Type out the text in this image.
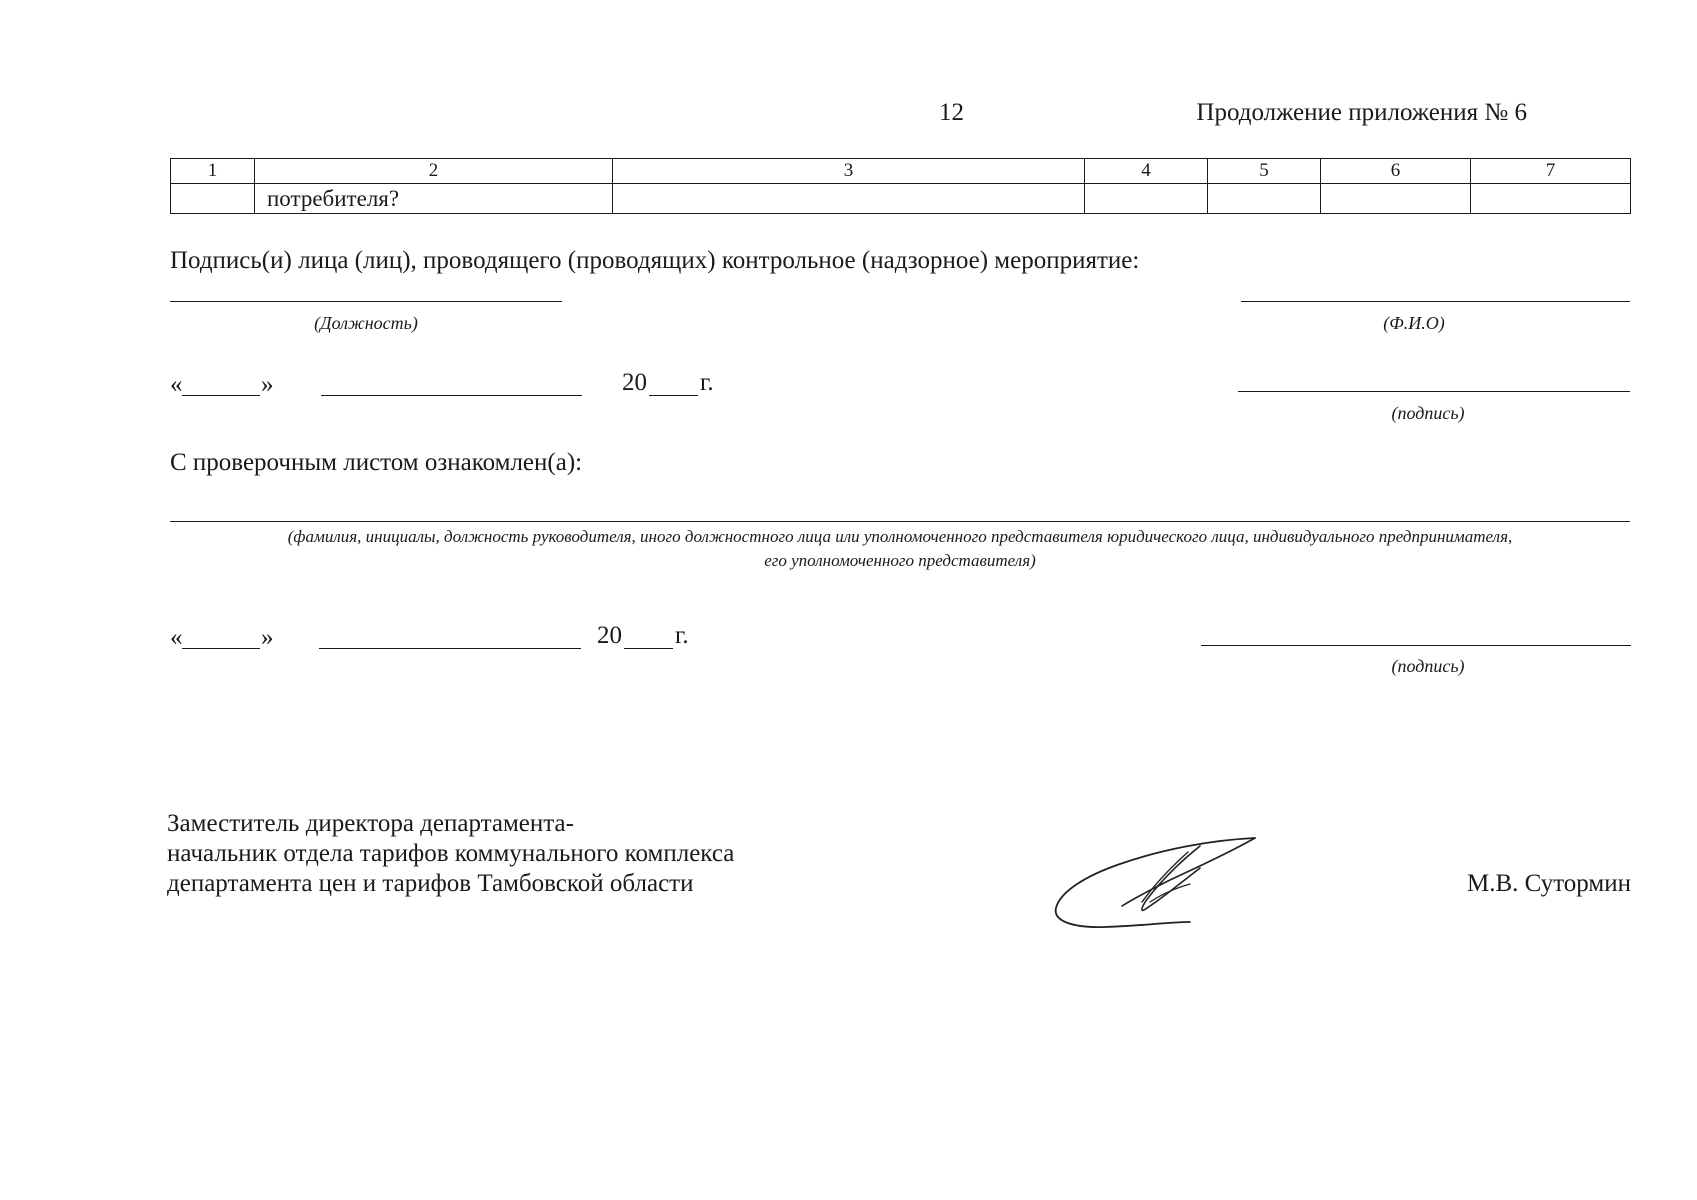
12	Продолжение приложения № 6
1	2	3	4	5	6	7
	потребителя?					
Подпись(и) лица (лиц), проводящего (проводящих) контрольное (надзорное) мероприятие:
(Должность)	(Ф.И.О)
«	»	20 г.
(подпись)
С проверочным листом ознакомлен(а):
(фамилия, инициалы, должность руководителя, иного должностного лица или уполномоченного представителя юридического лица, индивидуального предпринимателя,
его уполномоченного представителя)
«	»	20 г.
(подпись)
Заместитель директора департамента-
начальник отдела тарифов коммунального комплекса
департамента цен и тарифов Тамбовской области	М.В. Сутормин
